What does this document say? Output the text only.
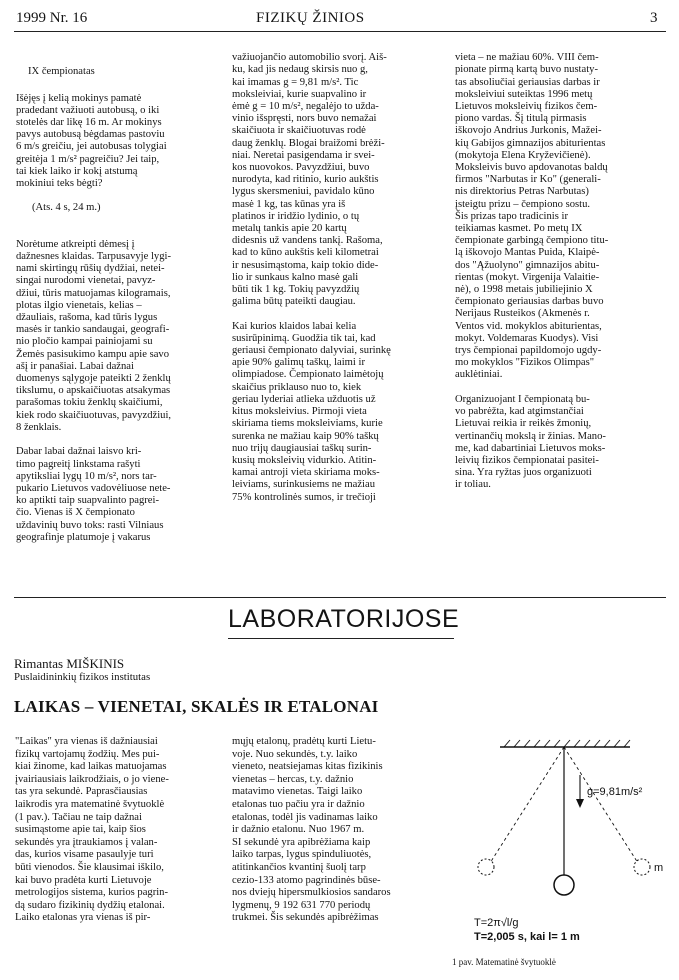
1999 Nr. 16	FIZIKŲ ŽINIOS	3

IX čempionatas

Išėjęs į kelią mokinys pamatė
pradedant važiuoti autobusą, o iki
stotelės dar likę 16 m. Ar mokinys
pavys autobusą bėgdamas pastoviu
6 m/s greičiu, jei autobusas tolygiai
greitėja 1 m/s² pagreičiu? Jei taip,
tai kiek laiko ir kokį atstumą
mokiniui teks bėgti?

(Ats. 4 s, 24 m.)

Norėtume atkreipti dėmesį į
dažnesnes klaidas. Tarpusavyje lygi-
nami skirtingų rūšių dydžiai, netei-
singai nurodomi vienetai, pavyz-
džiui, tūris matuojamas kilogramais,
plotas ilgio vienetais, kelias –
džauliais, rašoma, kad tūris lygus
masės ir tankio sandaugai, geografi-
nio pločio kampai painiojami su
Žemės pasisukimo kampu apie savo
ašį ir panašiai. Labai dažnai
duomenys sąlygoje pateikti 2 ženklų
tikslumu, o apskaičiuotas atsakymas
parašomas tokiu ženklų skaičiumi,
kiek rodo skaičiuotuvas, pavyzdžiui,
8 ženklais.

Dabar labai dažnai laisvo kri-
timo pagreitį linkstama rašyti
apytiksliai lygų 10 m/s², nors tar-
pukario Lietuvos vadovėliuose nete-
ko aptikti taip suapvalinto pagrei-
čio. Vienas iš X čempionato
uždavinių buvo toks: rasti Vilniaus
geografinje platumoje į vakarus

važiuojančio automobilio svorį. Aiš-
ku, kad jis nedaug skirsis nuo g,
kai imamas g = 9,81 m/s². Tic
moksleiviai, kurie suapvalino ir
ėmė g = 10 m/s², negalėjo to užda-
vinio išspręsti, nors buvo nemažai
skaičiuota ir skaičiuotuvas rodė
daug ženklų. Blogai braižomi brėži-
niai. Neretai pasigendama ir svei-
kos nuovokos. Pavyzdžiui, buvo
nurodyta, kad ritinio, kurio aukštis
lygus skersmeniui, pavidalo kūno
masė 1 kg, tas kūnas yra iš
platinos ir iridžio lydinio, o tų
metalų tankis apie 20 kartų
didesnis už vandens tankį. Rašoma,
kad to kūno aukštis keli kilometrai
ir nesusimąstoma, kaip tokio dide-
lio ir sunkaus kalno masė gali
būti tik 1 kg. Tokių pavyzdžių
galima būtų pateikti daugiau.

Kai kurios klaidos labai kelia
susirūpinimą. Guodžia tik tai, kad
geriausi čempionato dalyviai, surinkę
apie 90% galimų taškų, laimi ir
olimpiadose. Čempionato laimėtojų
skaičius priklauso nuo to, kiek
geriau lyderiai atlieka užduotis už
kitus moksleivius. Pirmoji vieta
skiriama tiems moksleiviams, kurie
surenka ne mažiau kaip 90% taškų
nuo trijų daugiausiai taškų surin-
kusių moksleivių vidurkio. Atitin-
kamai antroji vieta skiriama moks-
leiviams, surinkusiems ne mažiau
75% kontrolinės sumos, ir trečioji

vieta – ne mažiau 60%. VIII čem-
pionate pirmą kartą buvo nustaty-
tas absoliučiai geriausias darbas ir
moksleiviui suteiktas 1996 metų
Lietuvos moksleivių fizikos čem-
piono vardas. Šį titulą pirmasis
iškovojo Andrius Jurkonis, Mažei-
kių Gabijos gimnazijos abiturientas
(mokytoja Elena Kryževičienė).
Moksleivis buvo apdovanotas baldų
firmos "Narbutas ir Ko" (generali-
nis direktorius Petras Narbutas)
įsteigtu prizu – čempiono sostu.
Šis prizas tapo tradicinis ir
teikiamas kasmet. Po metų IX
čempionate garbingą čempiono titu-
lą iškovojo Mantas Puida, Klaipė-
dos "Ąžuolyno" gimnazijos abitu-
rientas (mokyt. Virgenija Valaitie-
nė), o 1998 metais jubiliejinio X
čempionato geriausias darbas buvo
Nerijaus Rusteikos (Akmenės r.
Ventos vid. mokyklos abiturientas,
mokyt. Voldemaras Kuodys). Visi
trys čempionai papildomojo ugdy-
mo mokyklos "Fizikos Olimpas"
auklėtiniai.

Organizuojant I čempionatą bu-
vo pabrėžta, kad atgimstančiai
Lietuvai reikia ir reikės žmonių,
vertinančių mokslą ir žinias. Mano-
me, kad dabartiniai Lietuvos moks-
leivių fizikos čempionatai pasitei-
sina. Yra ryžtas juos organizuoti
ir toliau.

LABORATORIJOSE
Rimantas MIŠKINIS
Puslaidininkių fizikos institutas
LAIKAS – VIENETAI, SKALĖS IR ETALONAI
"Laikas" yra vienas iš dažniausiai
fizikų vartojamų žodžių. Mes pui-
kiai žinome, kad laikas matuojamas
įvairiausiais laikrodžiais, o jo viene-
tas yra sekundė. Paprasčiausias
laikrodis yra matematinė švytuoklė
(1 pav.). Tačiau ne taip dažnai
susimąstome apie tai, kaip šios
sekundės yra įtraukiamos į valan-
das, kurios visame pasaulyje turi
būti vienodos. Šie klausimai iškilo,
kai buvo pradėta kurti Lietuvoje
metrologijos sistema, kurios pagrin-
dą sudaro fizikinių dydžių etalonai.
Laiko etalonas yra vienas iš pir-
mųjų etalonų, pradėtų kurti Lietu-
voje. Nuo sekundės, t.y. laiko
vieneto, neatsiejamas kitas fizikinis
vienetas – hercas, t.y. dažnio
matavimo vienetas. Taigi laiko
etalonas tuo pačiu yra ir dažnio
etalonas, todėl jis vadinamas laiko
ir dažnio etalonu. Nuo 1967 m.
SI sekundė yra apibrėžiama kaip
laiko tarpas, lygus spinduliuotės,
atitinkančios kvantinį šuolį tarp
cezio-133 atomo pagrindinės būse-
nos dviejų hipersmulkiosios sandaros
lygmenų, 9 192 631 770 periodų
trukmei. Šis sekundės apibrėžimas
g=9,81m/s²
m
T=2π√l/g
T=2,005 s, kai l= 1 m
1 pav. Matematinė švytuoklė
